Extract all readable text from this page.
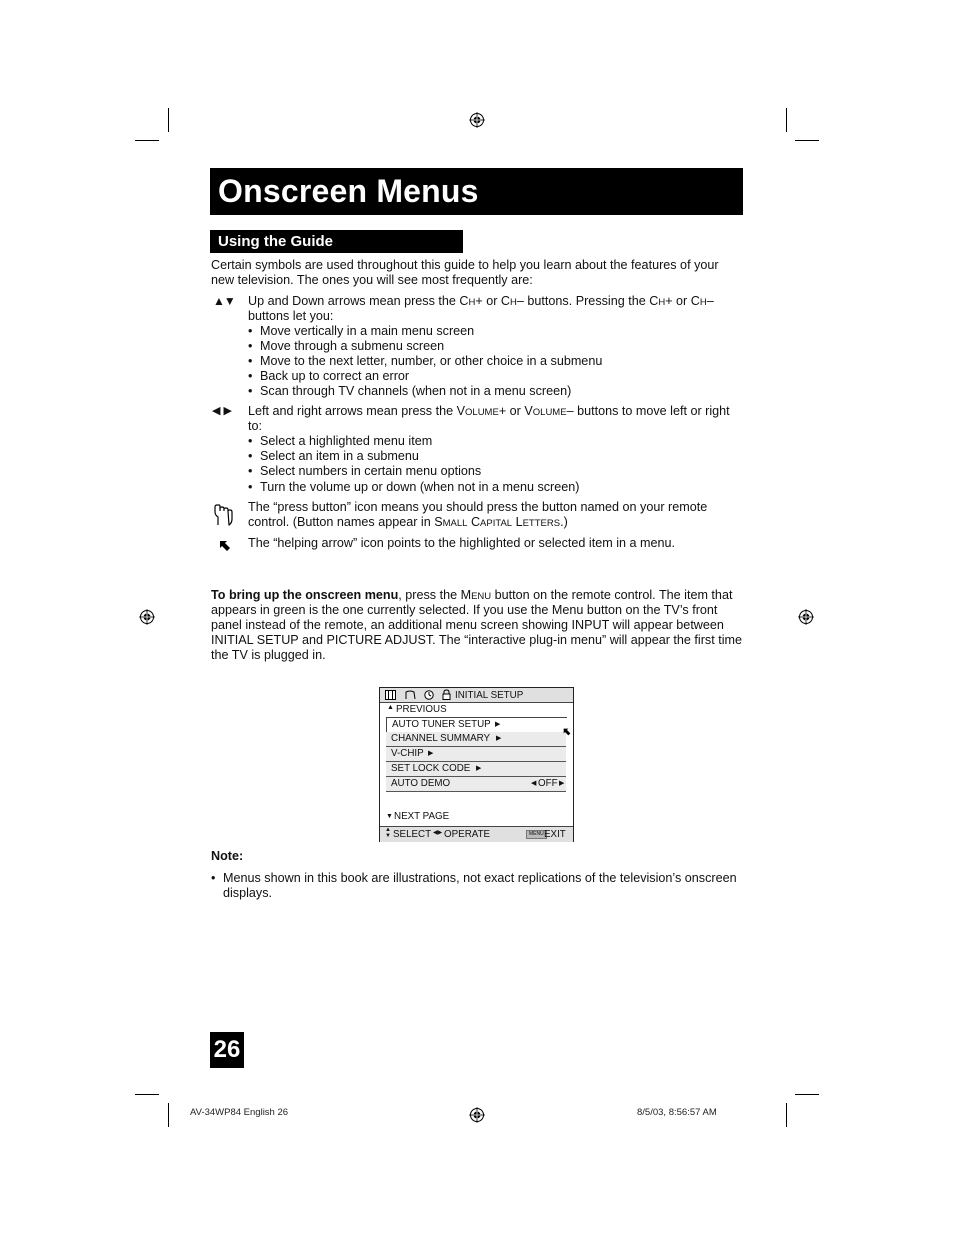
Onscreen Menus
Using the Guide
Certain symbols are used throughout this guide to help you learn about the features of your new television. The ones you will see most frequently are:
▲▼ Up and Down arrows mean press the CH+ or CH– buttons. Pressing the CH+ or CH–
buttons let you:
• Move vertically in a main menu screen
• Move through a submenu screen
• Move to the next letter, number, or other choice in a submenu
• Back up to correct an error
• Scan through TV channels (when not in a menu screen)
◀ ▶ Left and right arrows mean press the VOLUME+ or VOLUME– buttons to move left or right
to:
• Select a highlighted menu item
• Select an item in a submenu
• Select numbers in certain menu options
• Turn the volume up or down (when not in a menu screen)
The “press button” icon means you should press the button named on your remote
control. (Button names appear in SMALL CAPITAL LETTERS.)
The “helping arrow” icon points to the highlighted or selected item in a menu.
To bring up the onscreen menu, press the MENU button on the remote control. The item that
appears in green is the one currently selected. If you use the Menu button on the TV’s front
panel instead of the remote, an additional menu screen showing INPUT will appear between
INITIAL SETUP and PICTURE ADJUST. The “interactive plug-in menu” will appear the first time
the TV is plugged in.
INITIAL SETUP
▲ PREVIOUS
AUTO TUNER SETUP ▶
CHANNEL SUMMARY ▶
V-CHIP ▶
SET LOCK CODE ▶
AUTO DEMO	◀ OFF ▶
▼ NEXT PAGE
▲
▼ SELECT ◀▶ OPERATE	MENU EXIT
Note:
• Menus shown in this book are illustrations, not exact replications of the television’s onscreen
displays.
26
AV-34WP84 English 26	8/5/03, 8:56:57 AM
